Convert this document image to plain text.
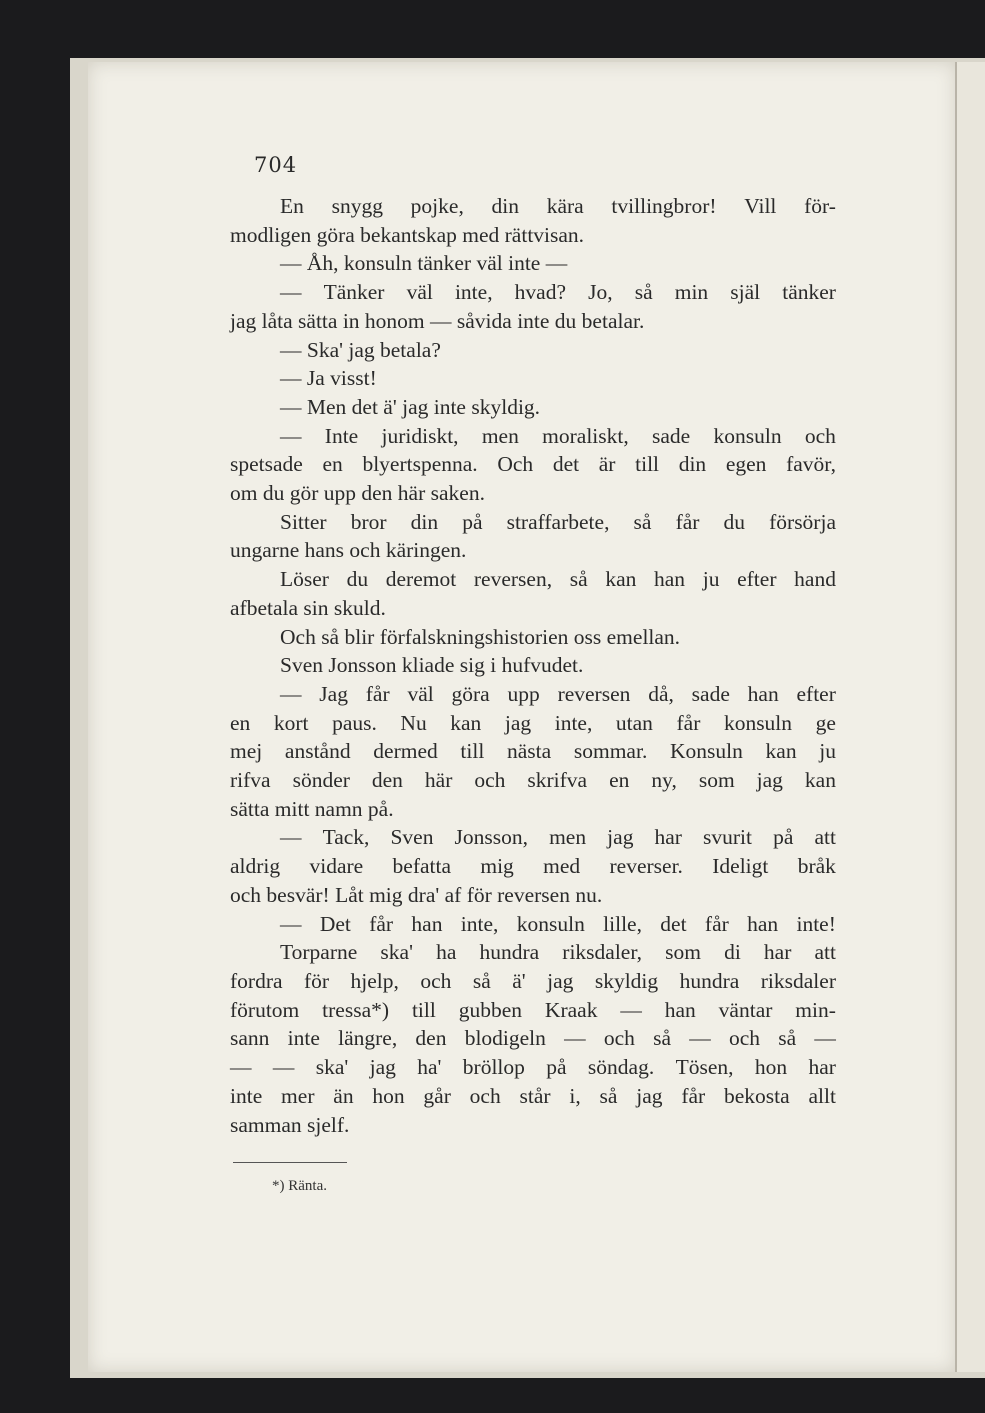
704
En snygg pojke, din kära tvillingbror! Vill för-
modligen göra bekantskap med rättvisan.
— Åh, konsuln tänker väl inte —
— Tänker väl inte, hvad? Jo, så min själ tänker
jag låta sätta in honom — såvida inte du betalar.
— Ska' jag betala?
— Ja visst!
— Men det ä' jag inte skyldig.
— Inte juridiskt, men moraliskt, sade konsuln och
spetsade en blyertspenna. Och det är till din egen favör,
om du gör upp den här saken.
Sitter bror din på straffarbete, så får du försörja
ungarne hans och käringen.
Löser du deremot reversen, så kan han ju efter hand
afbetala sin skuld.
Och så blir förfalskningshistorien oss emellan.
Sven Jonsson kliade sig i hufvudet.
— Jag får väl göra upp reversen då, sade han efter
en kort paus. Nu kan jag inte, utan får konsuln ge
mej anstånd dermed till nästa sommar. Konsuln kan ju
rifva sönder den här och skrifva en ny, som jag kan
sätta mitt namn på.
— Tack, Sven Jonsson, men jag har svurit på att
aldrig vidare befatta mig med reverser. Ideligt bråk
och besvär! Låt mig dra' af för reversen nu.
— Det får han inte, konsuln lille, det får han inte!
Torparne ska' ha hundra riksdaler, som di har att
fordra för hjelp, och så ä' jag skyldig hundra riksdaler
förutom tressa*) till gubben Kraak — han väntar min-
sann inte längre, den blodigeln — och så — och så —
— — ska' jag ha' bröllop på söndag. Tösen, hon har
inte mer än hon går och står i, så jag får bekosta allt
samman sjelf.
*) Ränta.
